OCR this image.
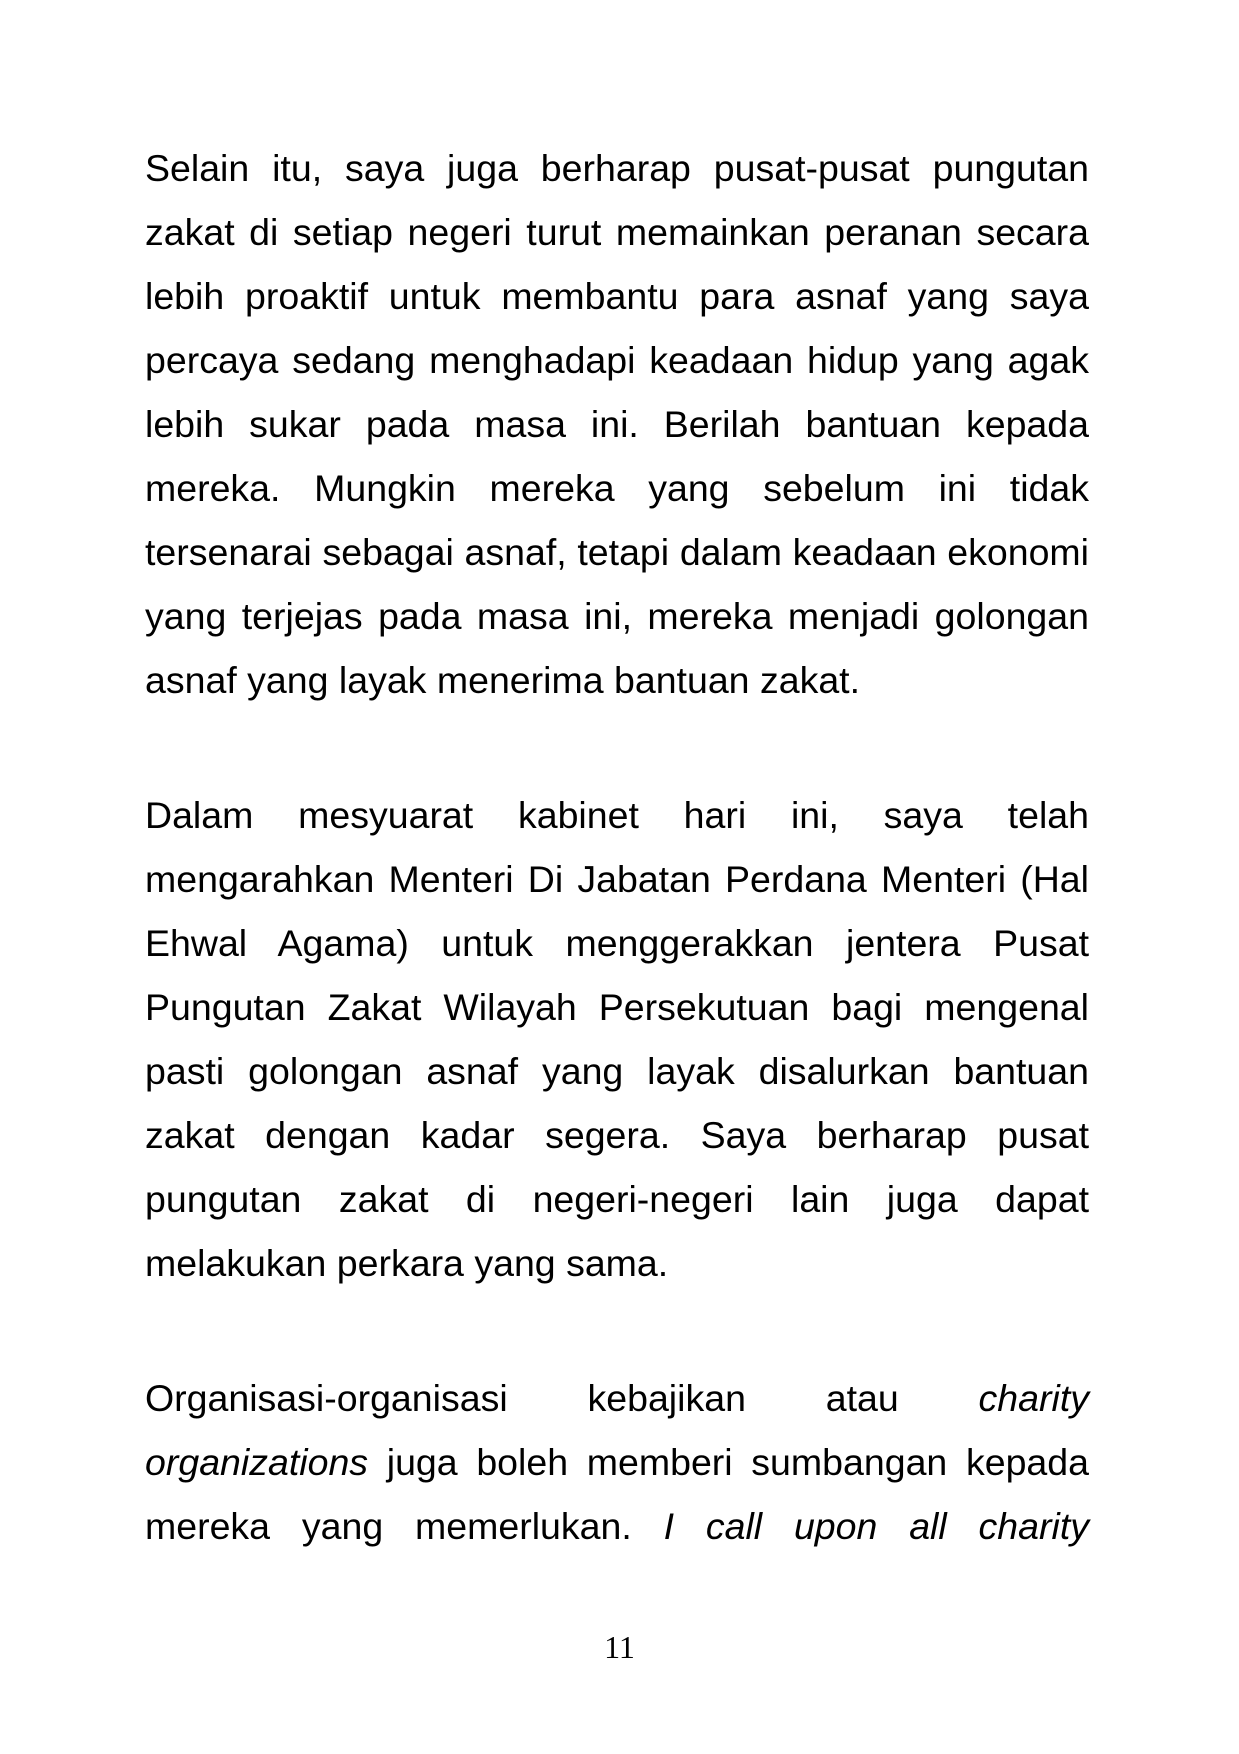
Selain itu, saya juga berharap pusat-pusat pungutan
zakat di setiap negeri turut memainkan peranan secara
lebih proaktif untuk membantu para asnaf yang saya
percaya sedang menghadapi keadaan hidup yang agak
lebih sukar pada masa ini. Berilah bantuan kepada
mereka. Mungkin mereka yang sebelum ini tidak
tersenarai sebagai asnaf, tetapi dalam keadaan ekonomi
yang terjejas pada masa ini, mereka menjadi golongan
asnaf yang layak menerima bantuan zakat.
Dalam mesyuarat kabinet hari ini, saya telah
mengarahkan Menteri Di Jabatan Perdana Menteri (Hal
Ehwal Agama) untuk menggerakkan jentera Pusat
Pungutan Zakat Wilayah Persekutuan bagi mengenal
pasti golongan asnaf yang layak disalurkan bantuan
zakat dengan kadar segera. Saya berharap pusat
pungutan zakat di negeri-negeri lain juga dapat
melakukan perkara yang sama.
Organisasi-organisasi kebajikan atau charity
organizations juga boleh memberi sumbangan kepada
mereka yang memerlukan. I call upon all charity
11
